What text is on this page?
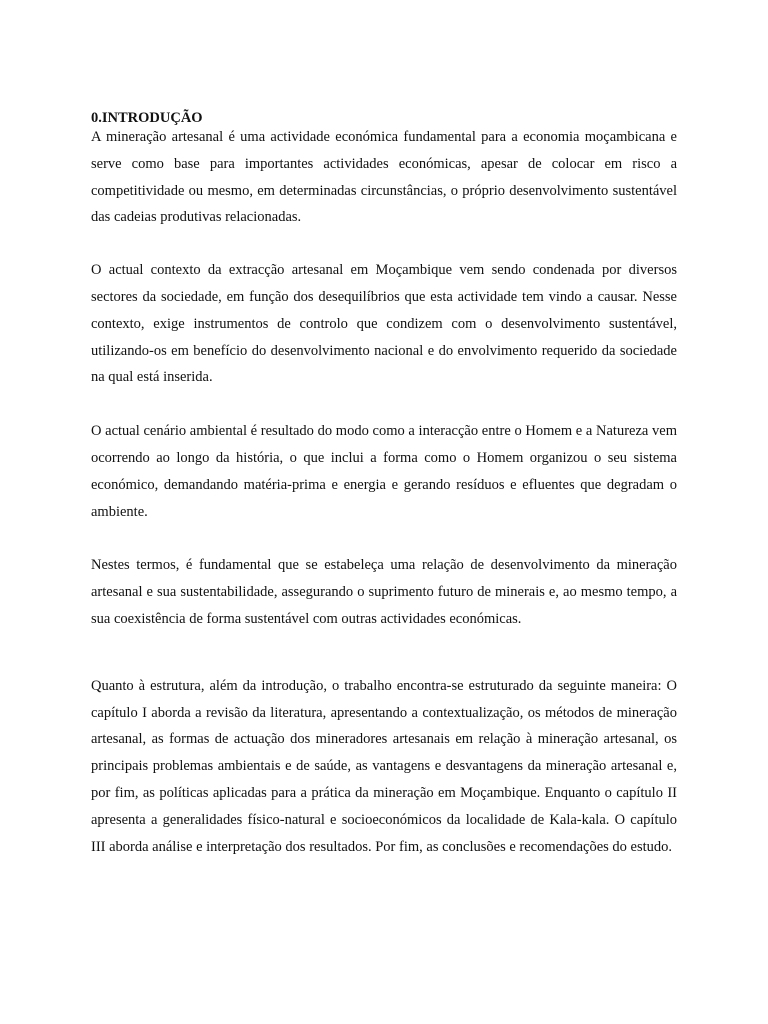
0.INTRODUÇÃO

A mineração artesanal é uma actividade económica fundamental para a economia moçambicana e serve como base para importantes actividades económicas, apesar de colocar em risco a competitividade ou mesmo, em determinadas circunstâncias, o próprio desenvolvimento sustentável das cadeias produtivas relacionadas.

O actual contexto da extracção artesanal em Moçambique vem sendo condenada por diversos sectores da sociedade, em função dos desequilíbrios que esta actividade tem vindo a causar. Nesse contexto, exige instrumentos de controlo que condizem com o desenvolvimento sustentável, utilizando-os em benefício do desenvolvimento nacional e do envolvimento requerido da sociedade na qual está inserida.

O actual cenário ambiental é resultado do modo como a interacção entre o Homem e a Natureza vem ocorrendo ao longo da história, o que inclui a forma como o Homem organizou o seu sistema económico, demandando matéria-prima e energia e gerando resíduos e efluentes que degradam o ambiente.

Nestes termos, é fundamental que se estabeleça uma relação de desenvolvimento da mineração artesanal e sua sustentabilidade, assegurando o suprimento futuro de minerais e, ao mesmo tempo, a sua coexistência de forma sustentável com outras actividades económicas.

Quanto à estrutura, além da introdução, o trabalho encontra-se estruturado da seguinte maneira: O capítulo I aborda a revisão da literatura, apresentando a contextualização, os métodos de mineração artesanal, as formas de actuação dos mineradores artesanais em relação à mineração artesanal, os principais problemas ambientais e de saúde, as vantagens e desvantagens da mineração artesanal e, por fim, as políticas aplicadas para a prática da mineração em Moçambique. Enquanto o capítulo II apresenta a generalidades físico-natural e socioeconómicos da localidade de Kala-kala. O capítulo III aborda análise e interpretação dos resultados. Por fim, as conclusões e recomendações do estudo.
